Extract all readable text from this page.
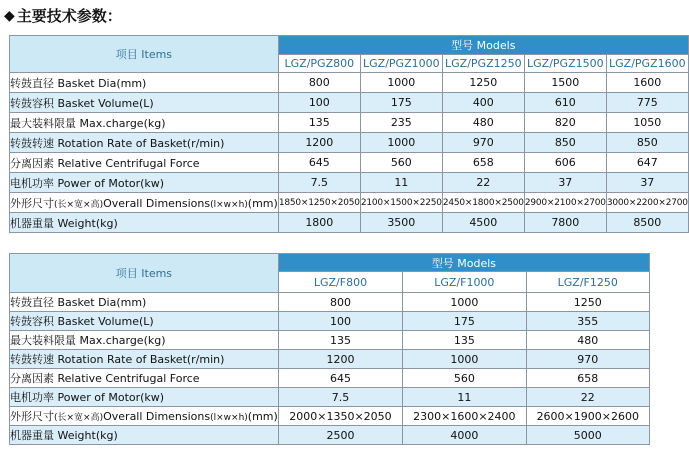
◆ 主要技术参数：
项目 Items	型号 Models				
	LGZ/PGZ800	LGZ/PGZ1000	LGZ/PGZ1250	LGZ/PGZ1500	LGZ/PGZ1600
转鼓直径 Basket Dia(mm)	800	1000	1250	1500	1600
转鼓容积 Basket Volume(L)	100	175	400	610	775
最大装料限量 Max.charge(kg)	135	235	480	820	1050
转鼓转速 Rotation Rate of Basket(r/min)	1200	1000	970	850	850
分离因素 Relative Centrifugal Force	645	560	658	606	647
电机功率 Power of Motor(kw)	7.5	11	22	37	37
外形尺寸(长×宽×高)Overall Dimensions(l×w×h)(mm)	1850×1250×2050	2100×1500×2250	2450×1800×2500	2900×2100×2700	3000×2200×2700
机器重量 Weight(kg)	1800	3500	4500	7800	8500
项目 Items	型号 Models		
	LGZ/F800	LGZ/F1000	LGZ/F1250
转鼓直径 Basket Dia(mm)	800	1000	1250
转鼓容积 Basket Volume(L)	100	175	355
最大装料限量 Max.charge(kg)	135	135	480
转鼓转速 Rotation Rate of Basket(r/min)	1200	1000	970
分离因素 Relative Centrifugal Force	645	560	658
电机功率 Power of Motor(kw)	7.5	11	22
外形尺寸(长×宽×高)Overall Dimensions(l×w×h)(mm)	2000×1350×2050	2300×1600×2400	2600×1900×2600
机器重量 Weight(kg)	2500	4000	5000
